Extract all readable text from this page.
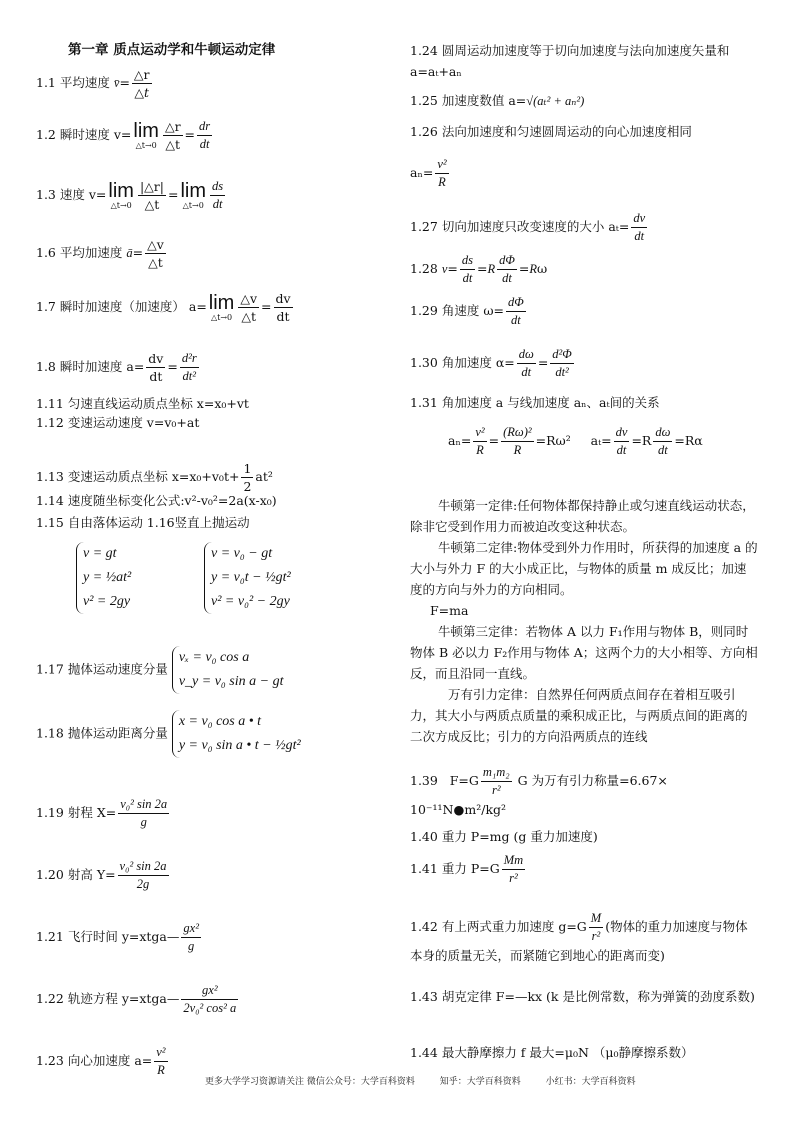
第一章 质点运动学和牛顿运动定律
1.1 平均速度 v̄= $\frac{\triangle r}{\triangle t}$
1.2 瞬时速度 v= lim
△t→0 $\frac{\triangle r}{\triangle t} = \frac{dr}{dt}$
1.3 速度 v= lim
△t→0 $\frac{|\triangle r|}{\triangle t} = \lim$
△t→0 $\frac{ds}{dt}$
1.6 平均加速度 ā= $\frac{\triangle v}{\triangle t}$
1.7 瞬时加速度（加速度） a= lim
△t→0 $\frac{\triangle v}{\triangle t} = \frac{dv}{dt}$
1.8 瞬时加速度 $a= \frac{dv}{dt} = \frac{\text{d²r}}{\text{dt²}}$
1.11 匀速直线运动质点坐标 x=x₀+vt
1.12 变速运动速度 v=v₀+at
1.13 变速运动质点坐标 $x=x_0+v_0t+ \frac{1}{2} at^2$
1.14 速度随坐标变化公式:v²-v₀²=2a(x-x₀)
1.15 自由落体运动 1.16竖直上抛运动
v = gt
y = ½at²
v² = 2gy
v = v₀ − gt
y = v₀t − ½gt²
v² = v₀² − 2gy
1.17 抛体运动速度分量
vₓ = v₀ cos a
v_y = v₀ sin a − gt
1.18 抛体运动距离分量
x = v₀ cos a • t
y = v₀ sin a • t − ½gt²
1.19 射程 $X= \frac{\text{v₀² sin 2a}}{g}$
1.20 射高 $Y= \frac{\text{v₀² sin 2a}}{2g}$
1.21 飞行时间 y=xtga— $\frac{\text{gx²}}{g}$
1.22 轨迹方程 y=xtga— $\frac{\text{gx²}}{\text{2v₀² cos² a}}$
1.23 向心加速度 $a= \frac{\text{v²}}{R}$
1.24 圆周运动加速度等于切向加速度与法向加速度矢量和 a=aₜ+aₙ
1.25 加速度数值 a=√(aₜ² + aₙ²)
1.26 法向加速度和匀速圆周运动的向心加速度相同
$a_n= \frac{\text{v²}}{R}$
1.27 切向加速度只改变速度的大小 $a_t= \frac{dv}{dt}$
1.28 $v= \frac{ds}{dt} =R \frac{d\Phi}{dt} =R\omega$
1.29 角速度 $\omega= \frac{d\Phi}{dt}$
1.30 角加速度 $\alpha= \frac{d\omega}{dt} = \frac{\text{d²Φ}}{\text{dt²}}$
1.31 角加速度 a 与线加速度 aₙ、aₜ间的关系
$a_n= \frac{\text{v²}}{R} = \frac{\text{(Rω)²}}{R} =R\omega^2$     $a_t= \frac{dv}{dt} =R \frac{d\omega}{dt} =R\alpha$
牛顿第一定律:任何物体都保持静止或匀速直线运动状态，除非它受到作用力而被迫改变这种状态。
牛顿第二定律:物体受到外力作用时，所获得的加速度 a 的大小与外力 F 的大小成正比，与物体的质量 m 成反比；加速度的方向与外力的方向相同。
F=ma
牛顿第三定律：若物体 A 以力 F₁作用与物体 B，则同时物体 B 必以力 F₂作用与物体 A；这两个力的大小相等、方向相反，而且沿同一直线。
万有引力定律：自然界任何两质点间存在着相互吸引力，其大小与两质点质量的乘积成正比，与两质点间的距离的二次方成反比；引力的方向沿两质点的连线
1.39   $F=G \frac{\text{m₁m₂}}{\text{r²}}$ G 为万有引力称量=6.67× 10⁻¹¹N●m²/kg²
1.40 重力 P=mg (g 重力加速度)
1.41 重力 $P=G \frac{Mm}{\text{r²}}$
1.42 有上两式重力加速度 $g=G \frac{M}{\text{r²}}$ (物体的重力加速度与物体本身的质量无关，而紧随它到地心的距离而变)
1.43 胡克定律 F=—kx (k 是比例常数，称为弹簧的劲度系数)
1.44 最大静摩擦力 f 最大=μ₀N （μ₀静摩擦系数）
更多大学学习资源请关注 微信公众号：大学百科资料	知乎：大学百科资料	小红书：大学百科资料
